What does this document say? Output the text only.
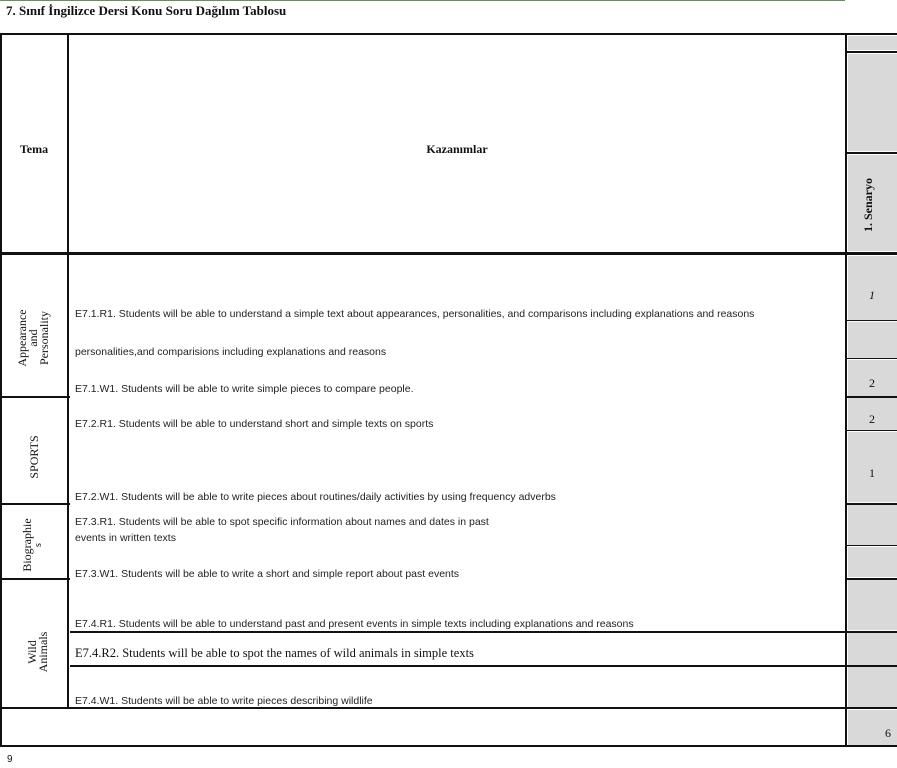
7. Sınıf İngilizce Dersi Konu Soru Dağılım Tablosu
Tema	Kazanımlar
1. Senaryo
Appearance
and
Personality
SPORTS
Biographie s
Wild
Animals
E7.1.R1. Students will be able to understand a simple text about appearances, personalities, and comparisons including explanations and reasons
personalities,and comparisions including explanations and reasons
E7.1.W1. Students will be able to write simple pieces to compare people.
E7.2.R1. Students will be able to understand short and simple texts on sports
E7.2.W1. Students will be able to write pieces about routines/daily activities by using frequency adverbs
E7.3.R1. Students will be able to spot specific information about names and dates in past
events in written texts
E7.3.W1. Students will be able to write a short and simple report about past events
E7.4.R1. Students will be able to understand past and present events in simple texts including explanations and reasons
E7.4.R2. Students will be able to spot the names of wild animals in simple texts
E7.4.W1. Students will be able to write pieces describing wildlife
1
2
2
1
6
9
